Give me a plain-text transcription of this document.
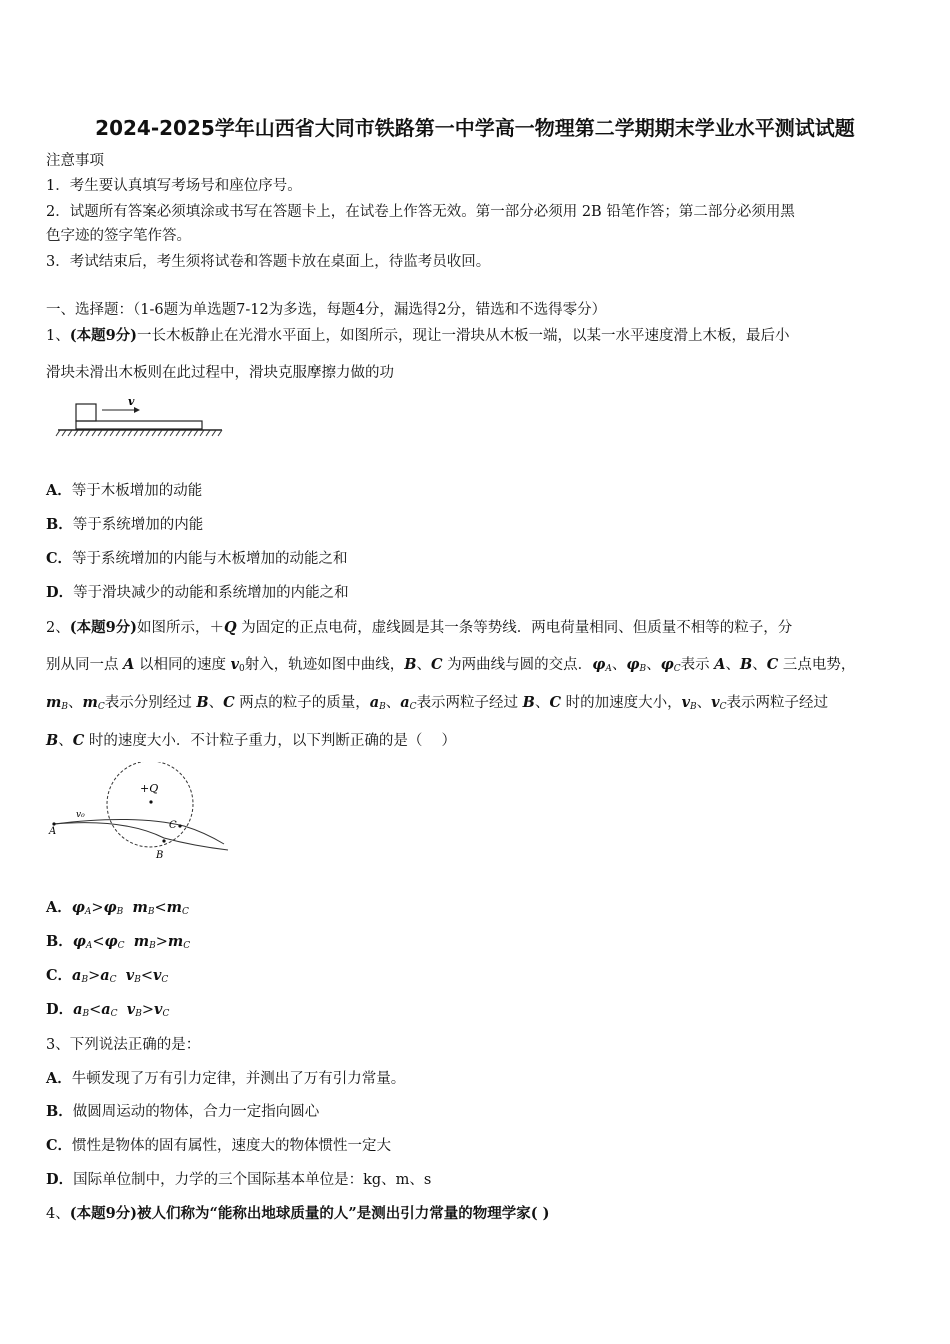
2024-2025学年山西省大同市铁路第一中学高一物理第二学期期末学业水平测试试题
注意事项
1．考生要认真填写考场号和座位序号。
2．试题所有答案必须填涂或书写在答题卡上，在试卷上作答无效。第一部分必须用 2B 铅笔作答；第二部分必须用黑
色字迹的签字笔作答。
3．考试结束后，考生须将试卷和答题卡放在桌面上，待监考员收回。
一、选择题：（1-6题为单选题7-12为多选，每题4分，漏选得2分，错选和不选得零分）
1、(本题9分)一长木板静止在光滑水平面上，如图所示，现让一滑块从木板一端，以某一水平速度滑上木板，最后小
滑块未滑出木板则在此过程中，滑块克服摩擦力做的功
v
A．等于木板增加的动能
B．等于系统增加的内能
C．等于系统增加的内能与木板增加的动能之和
D．等于滑块减少的动能和系统增加的内能之和
2、(本题9分)如图所示，＋Q 为固定的正点电荷，虚线圆是其一条等势线．两电荷量相同、但质量不相等的粒子，分
别从同一点 A 以相同的速度 $v_0$射入，轨迹如图中曲线，B、C 为两曲线与圆的交点．$\varphi_A$、$\varphi_B$、$\varphi_C$表示 A、B、C 三点电势，
$m_B$、$m_C$表示分别经过 B、C 两点的粒子的质量，$a_B$、$a_C$表示两粒子经过 B、C 时的加速度大小，$v_B$、$v_C$表示两粒子经过
B、C 时的速度大小．不计粒子重力，以下判断正确的是（　 ）
+Q
A
B
C
v₀
A．$\varphi_A>\varphi_B$ $m_B<m_C$
B．$\varphi_A<\varphi_C$ $m_B>m_C$
C．$a_B>a_C$ $v_B<v_C$
D．$a_B<a_C$ $v_B>v_C$
3、下列说法正确的是：
A．牛顿发现了万有引力定律，并测出了万有引力常量。
B．做圆周运动的物体，合力一定指向圆心
C．惯性是物体的固有属性，速度大的物体惯性一定大
D．国际单位制中，力学的三个国际基本单位是：kg、m、s
4、(本题9分)被人们称为“能称出地球质量的人”是测出引力常量的物理学家( )
